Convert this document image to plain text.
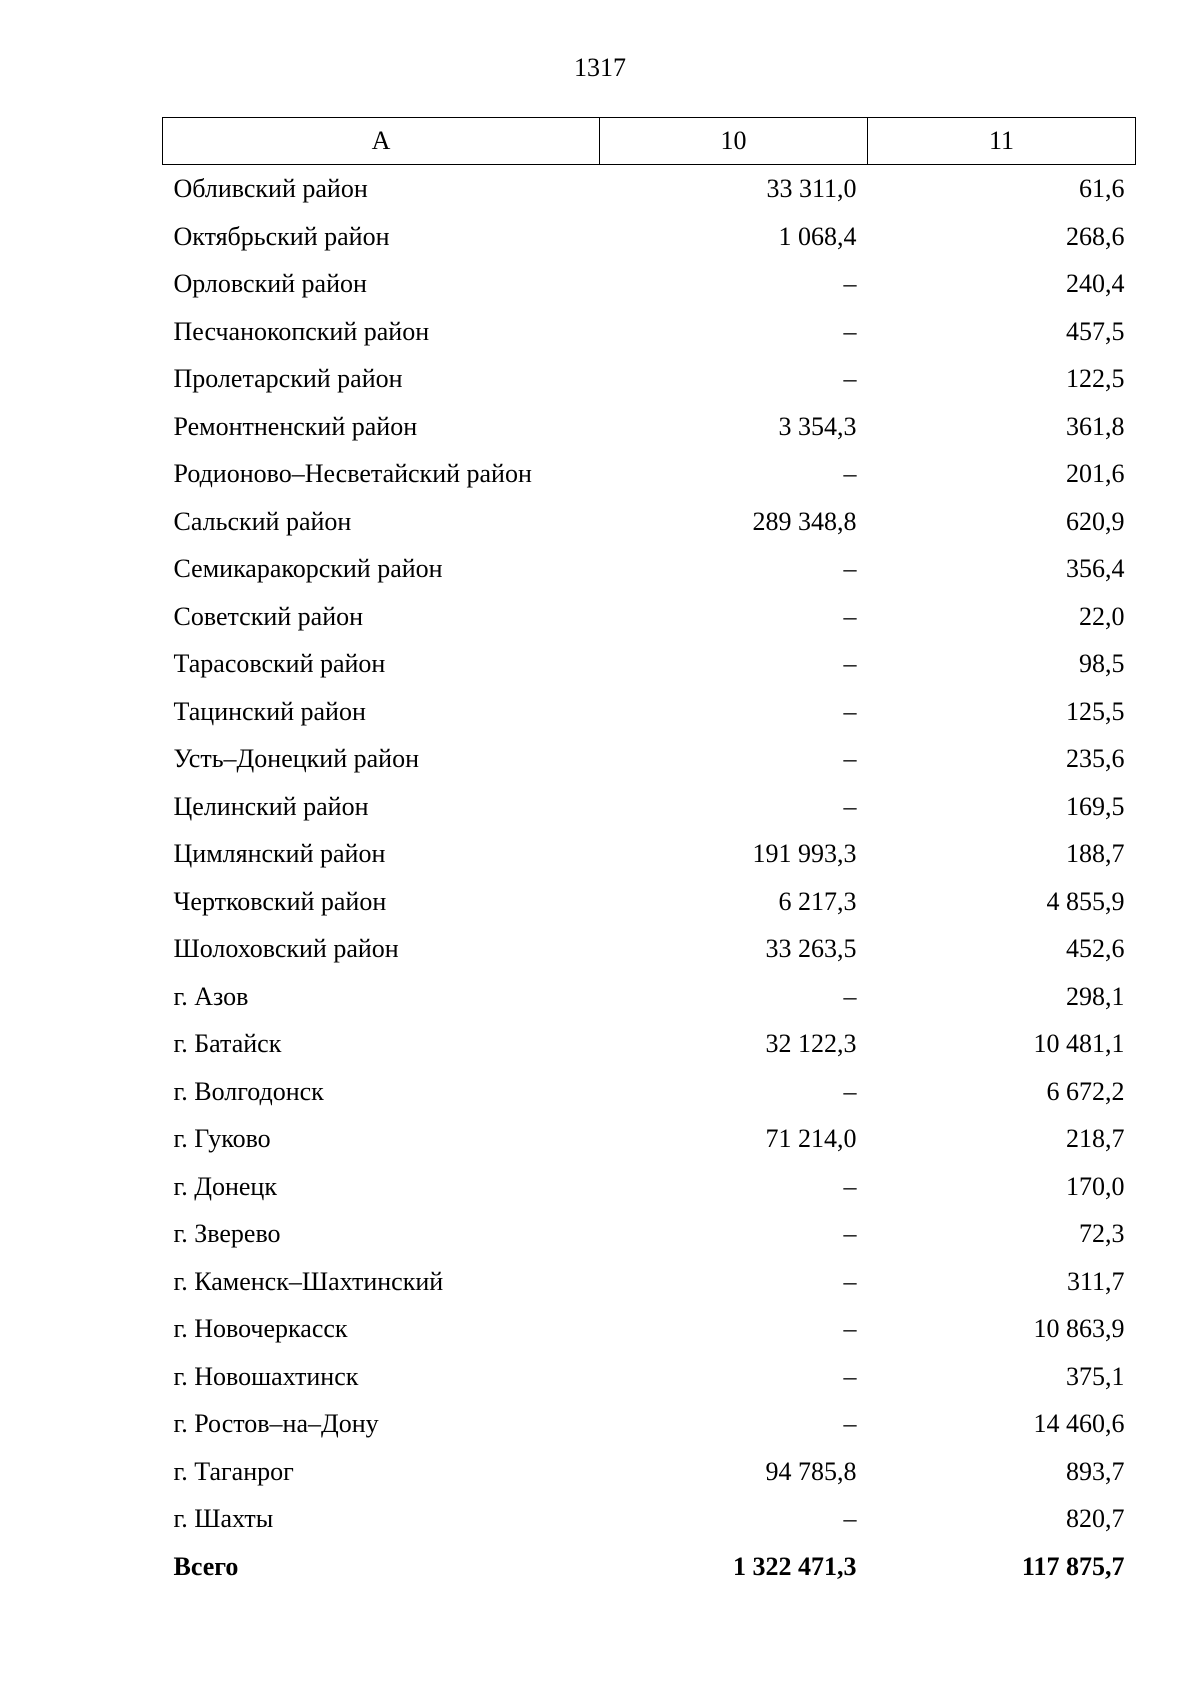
1317
А	10	11
Обливский район	33 311,0	61,6
Октябрьский район	1 068,4	268,6
Орловский район	–	240,4
Песчанокопский район	–	457,5
Пролетарский район	–	122,5
Ремонтненский район	3 354,3	361,8
Родионово–Несветайский район	–	201,6
Сальский район	289 348,8	620,9
Семикаракорский район	–	356,4
Советский район	–	22,0
Тарасовский район	–	98,5
Тацинский район	–	125,5
Усть–Донецкий район	–	235,6
Целинский район	–	169,5
Цимлянский район	191 993,3	188,7
Чертковский район	6 217,3	4 855,9
Шолоховский район	33 263,5	452,6
г. Азов	–	298,1
г. Батайск	32 122,3	10 481,1
г. Волгодонск	–	6 672,2
г. Гуково	71 214,0	218,7
г. Донецк	–	170,0
г. Зверево	–	72,3
г. Каменск–Шахтинский	–	311,7
г. Новочеркасск	–	10 863,9
г. Новошахтинск	–	375,1
г. Ростов–на–Дону	–	14 460,6
г. Таганрог	94 785,8	893,7
г. Шахты	–	820,7
Всего	1 322 471,3	117 875,7
